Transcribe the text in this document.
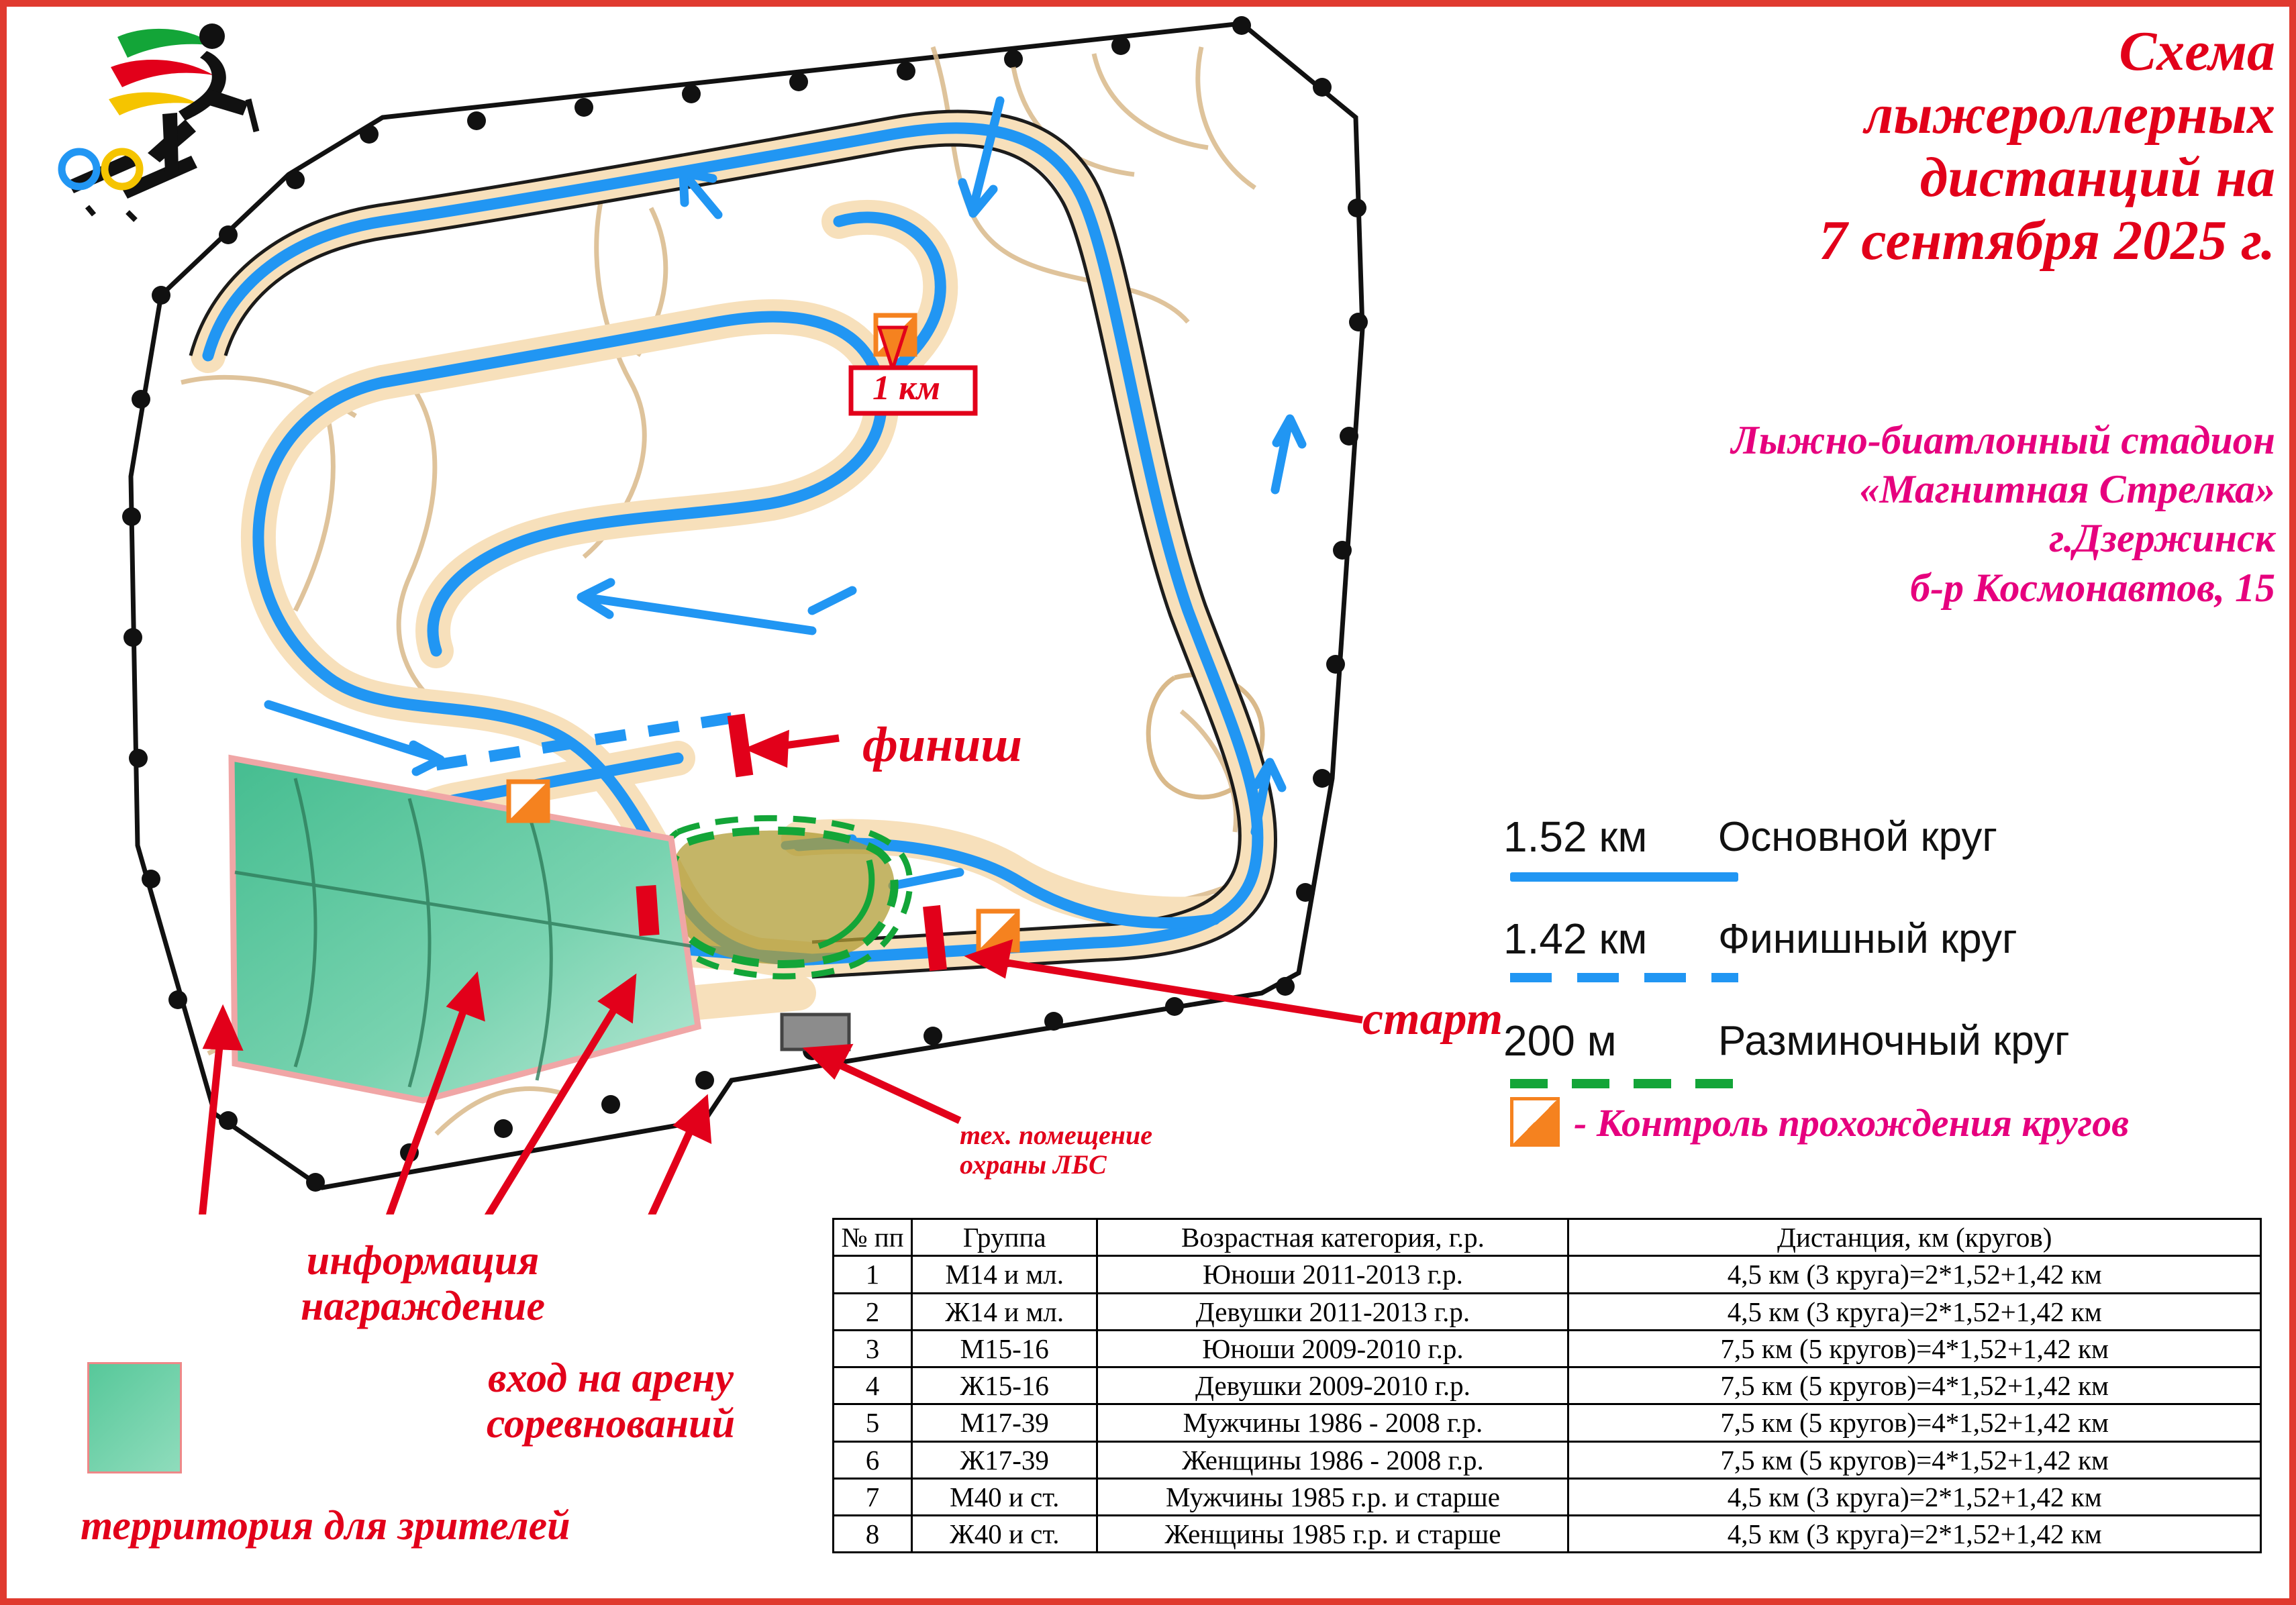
Схема
лыжероллерных
дистанций на
7 сентября 2025 г.
Лыжно-биатлонный стадион
«Магнитная Стрелка»
г.Дзержинск
б-р Космонавтов, 15
финиш
старт
1 км
тех. помещение
охраны ЛБС
информация
награждение
вход на арену
соревнований
территория для зрителей
1.52 км	Основной круг
1.42 км	Финишный круг
200 м	Разминочный круг
- Контроль прохождения кругов
№ пп	Группа	Возрастная категория, г.р.	Дистанция, км (кругов)
1	М14 и мл.	Юноши 2011-2013 г.р.	4,5 км (3 круга)=2*1,52+1,42 км
2	Ж14 и мл.	Девушки 2011-2013 г.р.	4,5 км (3 круга)=2*1,52+1,42 км
3	М15-16	Юноши 2009-2010 г.р.	7,5 км (5 кругов)=4*1,52+1,42 км
4	Ж15-16	Девушки 2009-2010 г.р.	7,5 км (5 кругов)=4*1,52+1,42 км
5	М17-39	Мужчины 1986 - 2008 г.р.	7,5 км (5 кругов)=4*1,52+1,42 км
6	Ж17-39	Женщины 1986 - 2008 г.р.	7,5 км (5 кругов)=4*1,52+1,42 км
7	М40 и ст.	Мужчины 1985 г.р. и старше	4,5 км (3 круга)=2*1,52+1,42 км
8	Ж40 и ст.	Женщины 1985 г.р. и старше	4,5 км (3 круга)=2*1,52+1,42 км
